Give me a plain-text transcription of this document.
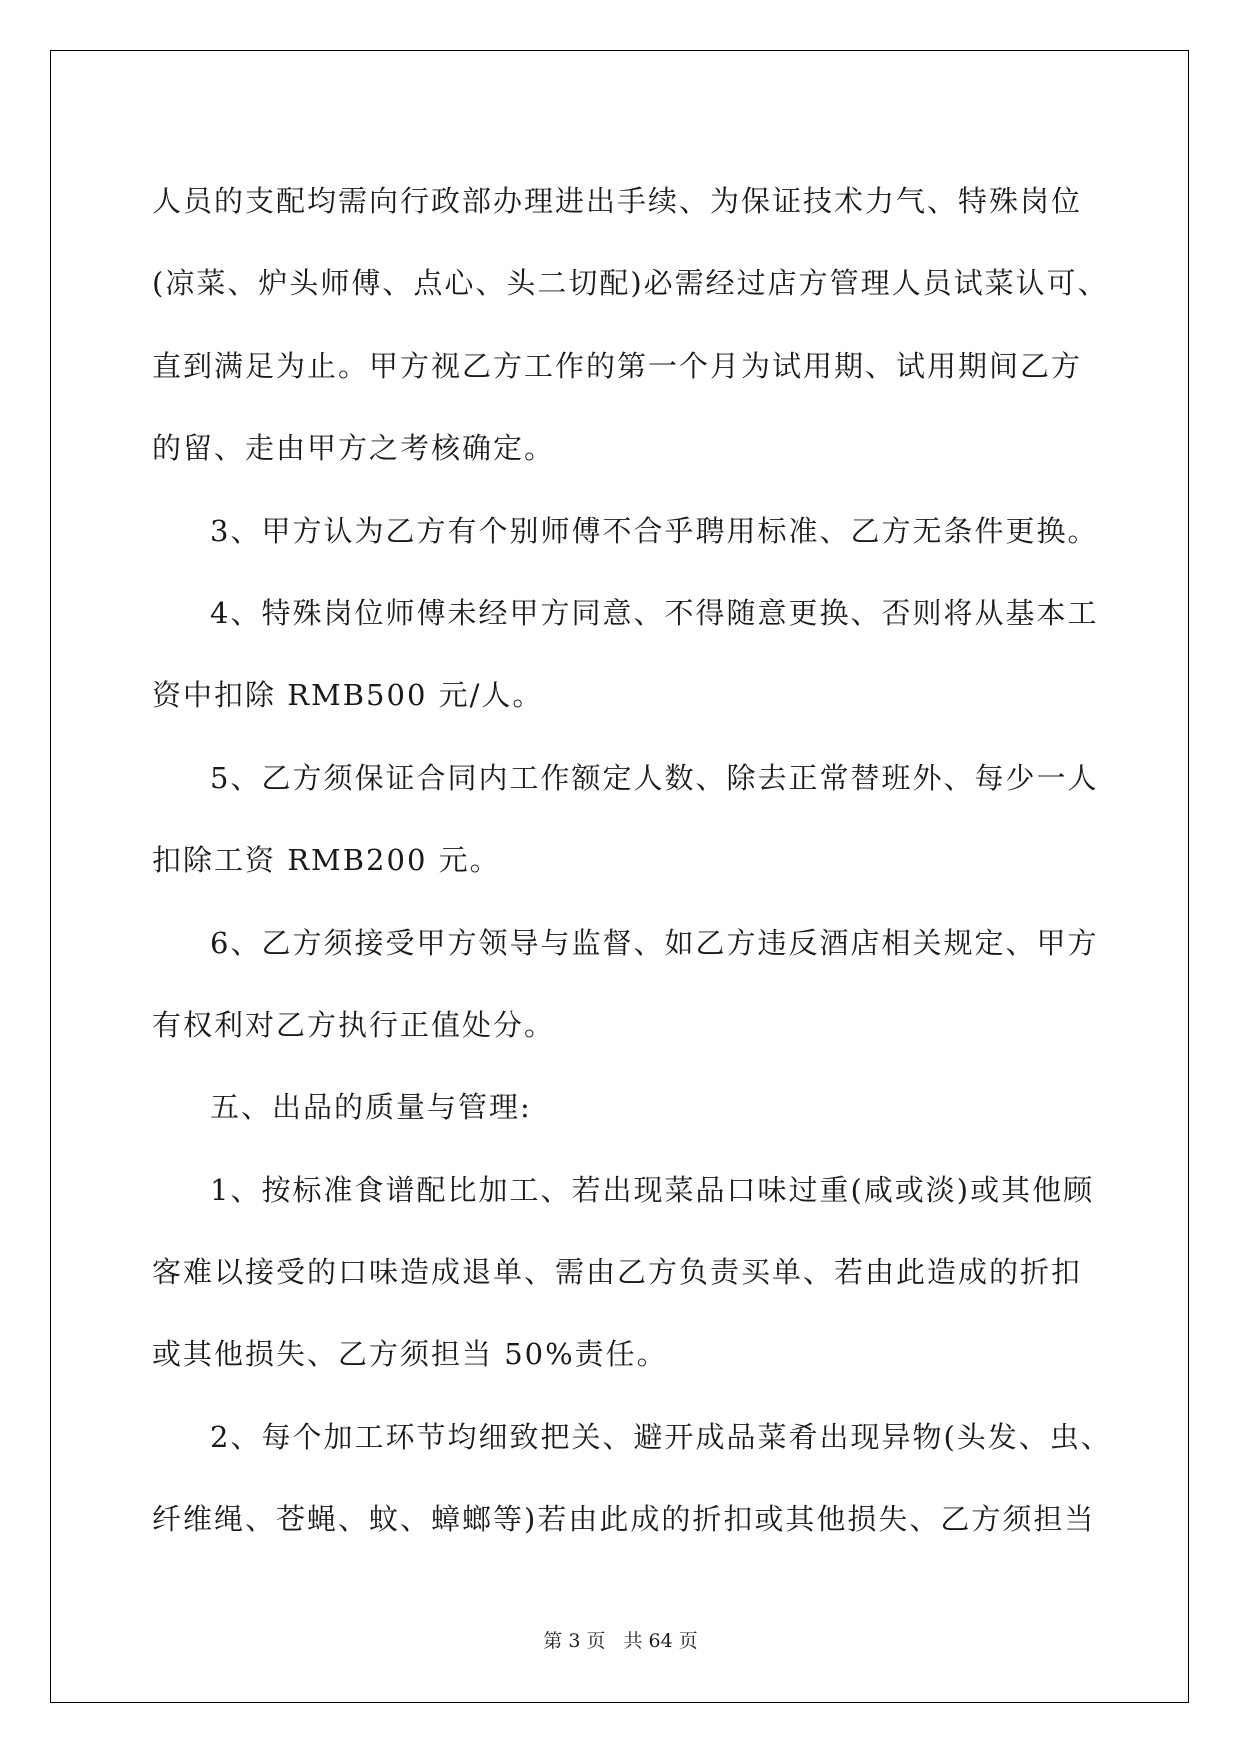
人员的支配均需向行政部办理进出手续、为保证技术力气、特殊岗位
(凉菜、炉头师傅、点心、头二切配)必需经过店方管理人员试菜认可、
直到满足为止。甲方视乙方工作的第一个月为试用期、试用期间乙方
的留、走由甲方之考核确定。
3、甲方认为乙方有个别师傅不合乎聘用标准、乙方无条件更换。
4、特殊岗位师傅未经甲方同意、不得随意更换、否则将从基本工
资中扣除 RMB500 元/人。
5、乙方须保证合同内工作额定人数、除去正常替班外、每少一人
扣除工资 RMB200 元。
6、乙方须接受甲方领导与监督、如乙方违反酒店相关规定、甲方
有权利对乙方执行正值处分。
五、出品的质量与管理:
1、按标准食谱配比加工、若出现菜品口味过重(咸或淡)或其他顾
客难以接受的口味造成退单、需由乙方负责买单、若由此造成的折扣
或其他损失、乙方须担当 50%责任。
2、每个加工环节均细致把关、避开成品菜肴出现异物(头发、虫、
纤维绳、苍蝇、蚊、蟑螂等)若由此成的折扣或其他损失、乙方须担当
第 3 页 共 64 页
